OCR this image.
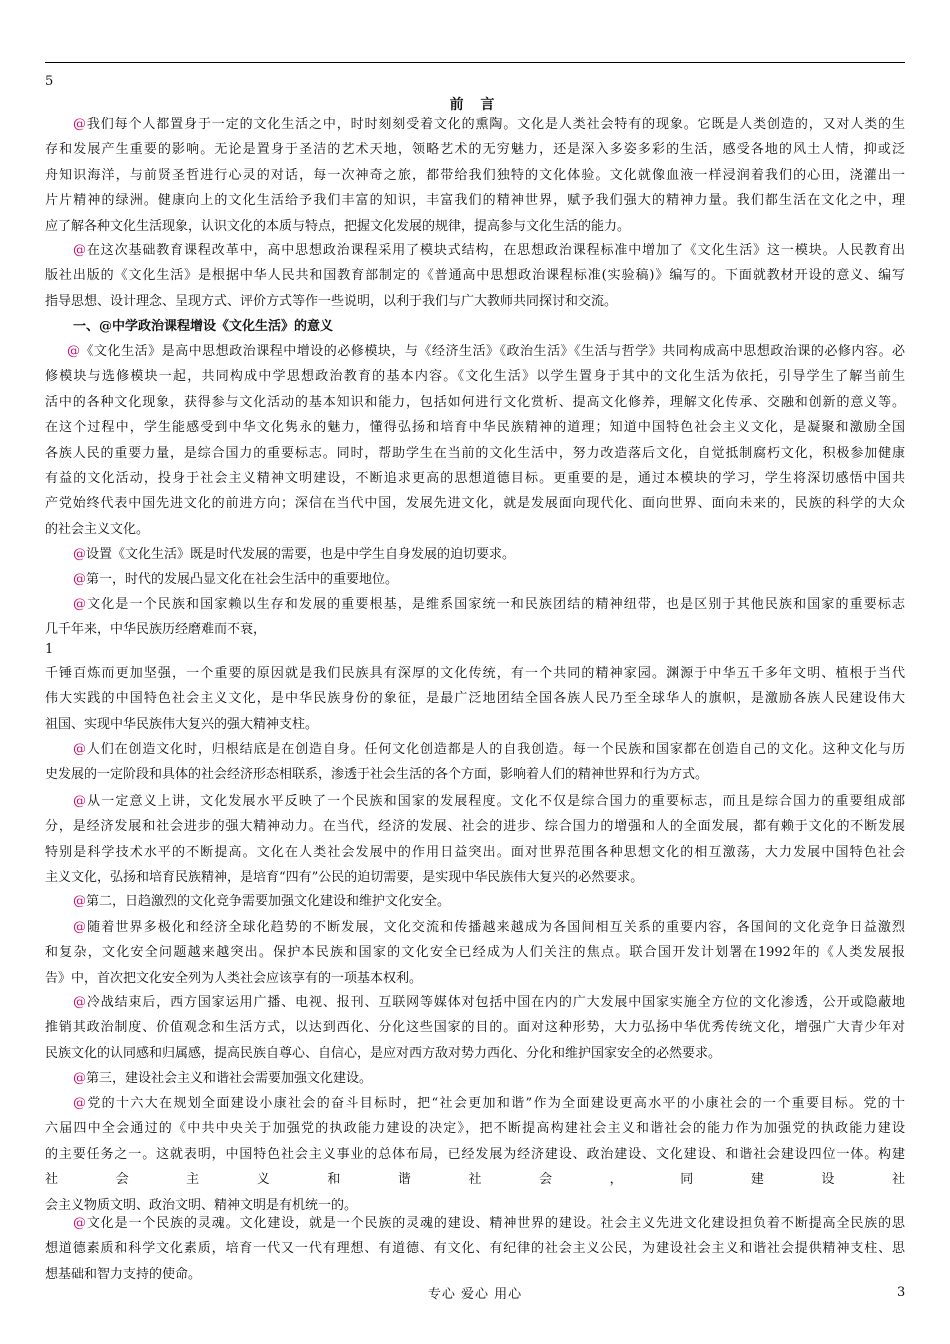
5
前 言
@我们每个人都置身于一定的文化生活之中，时时刻刻受着文化的熏陶。文化是人类社会特有的现象。它既是人类创造的，又对人类的生
存和发展产生重要的影响。无论是置身于圣洁的艺术天地，领略艺术的无穷魅力，还是深入多姿多彩的生活，感受各地的风土人情，抑或泛
舟知识海洋，与前贤圣哲进行心灵的对话，每一次神奇之旅，都带给我们独特的文化体验。文化就像血液一样浸润着我们的心田，浇灌出一
片片精神的绿洲。健康向上的文化生活给予我们丰富的知识，丰富我们的精神世界，赋予我们强大的精神力量。我们都生活在文化之中，理
应了解各种文化生活现象，认识文化的本质与特点，把握文化发展的规律，提高参与文化生活的能力。
@在这次基础教育课程改革中，高中思想政治课程采用了模块式结构，在思想政治课程标准中增加了《文化生活》这一模块。人民教育出
版社出版的《文化生活》是根据中华人民共和国教育部制定的《普通高中思想政治课程标准(实验稿)》编写的。下面就教材开设的意义、编写
指导思想、设计理念、呈现方式、评价方式等作一些说明，以利于我们与广大教师共同探讨和交流。
一、@中学政治课程增设《文化生活》的意义
@《文化生活》是高中思想政治课程中增设的必修模块，与《经济生活》《政治生活》《生活与哲学》共同构成高中思想政治课的必修内容。必
修模块与选修模块一起，共同构成中学思想政治教育的基本内容。《文化生活》以学生置身于其中的文化生活为依托，引导学生了解当前生
活中的各种文化现象，获得参与文化活动的基本知识和能力，包括如何进行文化赏析、提高文化修养，理解文化传承、交融和创新的意义等。
在这个过程中，学生能感受到中华文化隽永的魅力，懂得弘扬和培育中华民族精神的道理；知道中国特色社会主义文化，是凝聚和激励全国
各族人民的重要力量，是综合国力的重要标志。同时，帮助学生在当前的文化生活中，努力改造落后文化，自觉抵制腐朽文化，积极参加健康
有益的文化活动，投身于社会主义精神文明建设，不断追求更高的思想道德目标。更重要的是，通过本模块的学习，学生将深切感悟中国共
产党始终代表中国先进文化的前进方向；深信在当代中国，发展先进文化，就是发展面向现代化、面向世界、面向未来的，民族的科学的大众
的社会主义文化。
@设置《文化生活》既是时代发展的需要，也是中学生自身发展的迫切要求。
@第一，时代的发展凸显文化在社会生活中的重要地位。
@文化是一个民族和国家赖以生存和发展的重要根基，是维系国家统一和民族团结的精神纽带，也是区别于其他民族和国家的重要标志
几千年来，中华民族历经磨难而不衰，
千锤百炼而更加坚强，一个重要的原因就是我们民族具有深厚的文化传统，有一个共同的精神家园。渊源于中华五千多年文明、植根于当代
伟大实践的中国特色社会主义文化，是中华民族身份的象征，是最广泛地团结全国各族人民乃至全球华人的旗帜，是激励各族人民建设伟大
祖国、实现中华民族伟大复兴的强大精神支柱。
@人们在创造文化时，归根结底是在创造自身。任何文化创造都是人的自我创造。每一个民族和国家都在创造自己的文化。这种文化与历
史发展的一定阶段和具体的社会经济形态相联系，渗透于社会生活的各个方面，影响着人们的精神世界和行为方式。
@从一定意义上讲，文化发展水平反映了一个民族和国家的发展程度。文化不仅是综合国力的重要标志，而且是综合国力的重要组成部
分，是经济发展和社会进步的强大精神动力。在当代，经济的发展、社会的进步、综合国力的增强和人的全面发展，都有赖于文化的不断发展
特别是科学技术水平的不断提高。文化在人类社会发展中的作用日益突出。面对世界范围各种思想文化的相互激荡，大力发展中国特色社会
主义文化，弘扬和培育民族精神，是培育“四有”公民的迫切需要，是实现中华民族伟大复兴的必然要求。
@第二，日趋激烈的文化竞争需要加强文化建设和维护文化安全。
@随着世界多极化和经济全球化趋势的不断发展，文化交流和传播越来越成为各国间相互关系的重要内容，各国间的文化竞争日益激烈
和复杂，文化安全问题越来越突出。保护本民族和国家的文化安全已经成为人们关注的焦点。联合国开发计划署在1992年的《人类发展报
告》中，首次把文化安全列为人类社会应该享有的一项基本权利。
@冷战结束后，西方国家运用广播、电视、报刊、互联网等媒体对包括中国在内的广大发展中国家实施全方位的文化渗透，公开或隐蔽地
推销其政治制度、价值观念和生活方式，以达到西化、分化这些国家的目的。面对这种形势，大力弘扬中华优秀传统文化，增强广大青少年对
民族文化的认同感和归属感，提高民族自尊心、自信心，是应对西方敌对势力西化、分化和维护国家安全的必然要求。
@第三，建设社会主义和谐社会需要加强文化建设。
@党的十六大在规划全面建设小康社会的奋斗目标时，把“社会更加和谐”作为全面建设更高水平的小康社会的一个重要目标。党的十
六届四中全会通过的《中共中央关于加强党的执政能力建设的决定》，把不断提高构建社会主义和谐社会的能力作为加强党的执政能力建设
的主要任务之一。这就表明，中国特色社会主义事业的总体布局，已经发展为经济建设、政治建设、文化建设、和谐社会建设四位一体。构建
社会主义和谐社会，同建设社
会主义物质文明、政治文明、精神文明是有机统一的。
@文化是一个民族的灵魂。文化建设，就是一个民族的灵魂的建设、精神世界的建设。社会主义先进文化建设担负着不断提高全民族的思
想道德素质和科学文化素质，培育一代又一代有理想、有道德、有文化、有纪律的社会主义公民，为建设社会主义和谐社会提供精神支柱、思
想基础和智力支持的使命。
1
专心 爱心 用心	3
